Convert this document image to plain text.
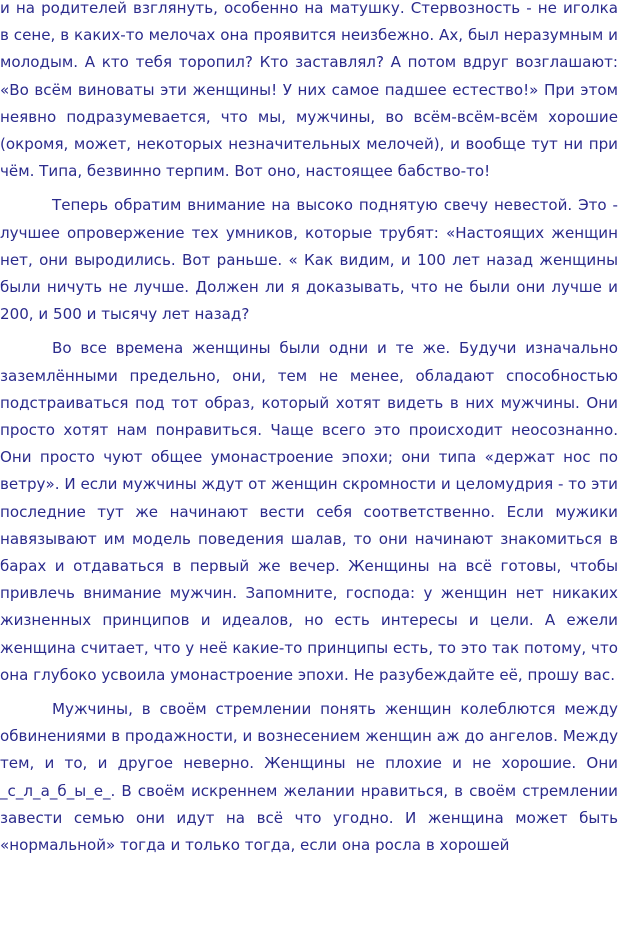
и на родителей взглянуть, особенно на матушку. Стервозность - не иголка в сене, в каких-то мелочах она проявится неизбежно. Ах, был неразумным и молодым. А кто тебя торопил? Кто заставлял? А потом вдруг возглашают: «Во всём виноваты эти женщины! У них самое падшее естество!» При этом неявно подразумевается, что мы, мужчины, во всём-всём-всём хорошие (окромя, может, некоторых незначительных мелочей), и вообще тут ни при чём. Типа, безвинно терпим. Вот оно, настоящее бабство-то!

Теперь обратим внимание на высоко поднятую свечу невестой. Это - лучшее опровержение тех умников, которые трубят: «Настоящих женщин нет, они выродились. Вот раньше. « Как видим, и 100 лет назад женщины были ничуть не лучше. Должен ли я доказывать, что не были они лучше и 200, и 500 и тысячу лет назад?

Во все времена женщины были одни и те же. Будучи изначально заземлёнными предельно, они, тем не менее, обладают способностью подстраиваться под тот образ, который хотят видеть в них мужчины. Они просто хотят нам понравиться. Чаще всего это происходит неосознанно. Они просто чуют общее умонастроение эпохи; они типа «держат нос по ветру». И если мужчины ждут от женщин скромности и целомудрия - то эти последние тут же начинают вести себя соответственно. Если мужики навязывают им модель поведения шалав, то они начинают знакомиться в барах и отдаваться в первый же вечер. Женщины на всё готовы, чтобы привлечь внимание мужчин. Запомните, господа: у женщин нет никаких жизненных принципов и идеалов, но есть интересы и цели. А ежели женщина считает, что у неё какие-то принципы есть, то это так потому, что она глубоко усвоила умонастроение эпохи. Не разубеждайте её, прошу вас.

Мужчины, в своём стремлении понять женщин колеблются между обвинениями в продажности, и вознесением женщин аж до ангелов. Между тем, и то, и другое неверно. Женщины не плохие и не хорошие. Они _с_л_а_б_ы_е_. В своём искреннем желании нравиться, в своём стремлении завести семью они идут на всё что угодно. И женщина может быть «нормальной» тогда и только тогда, если она росла в хорошей
